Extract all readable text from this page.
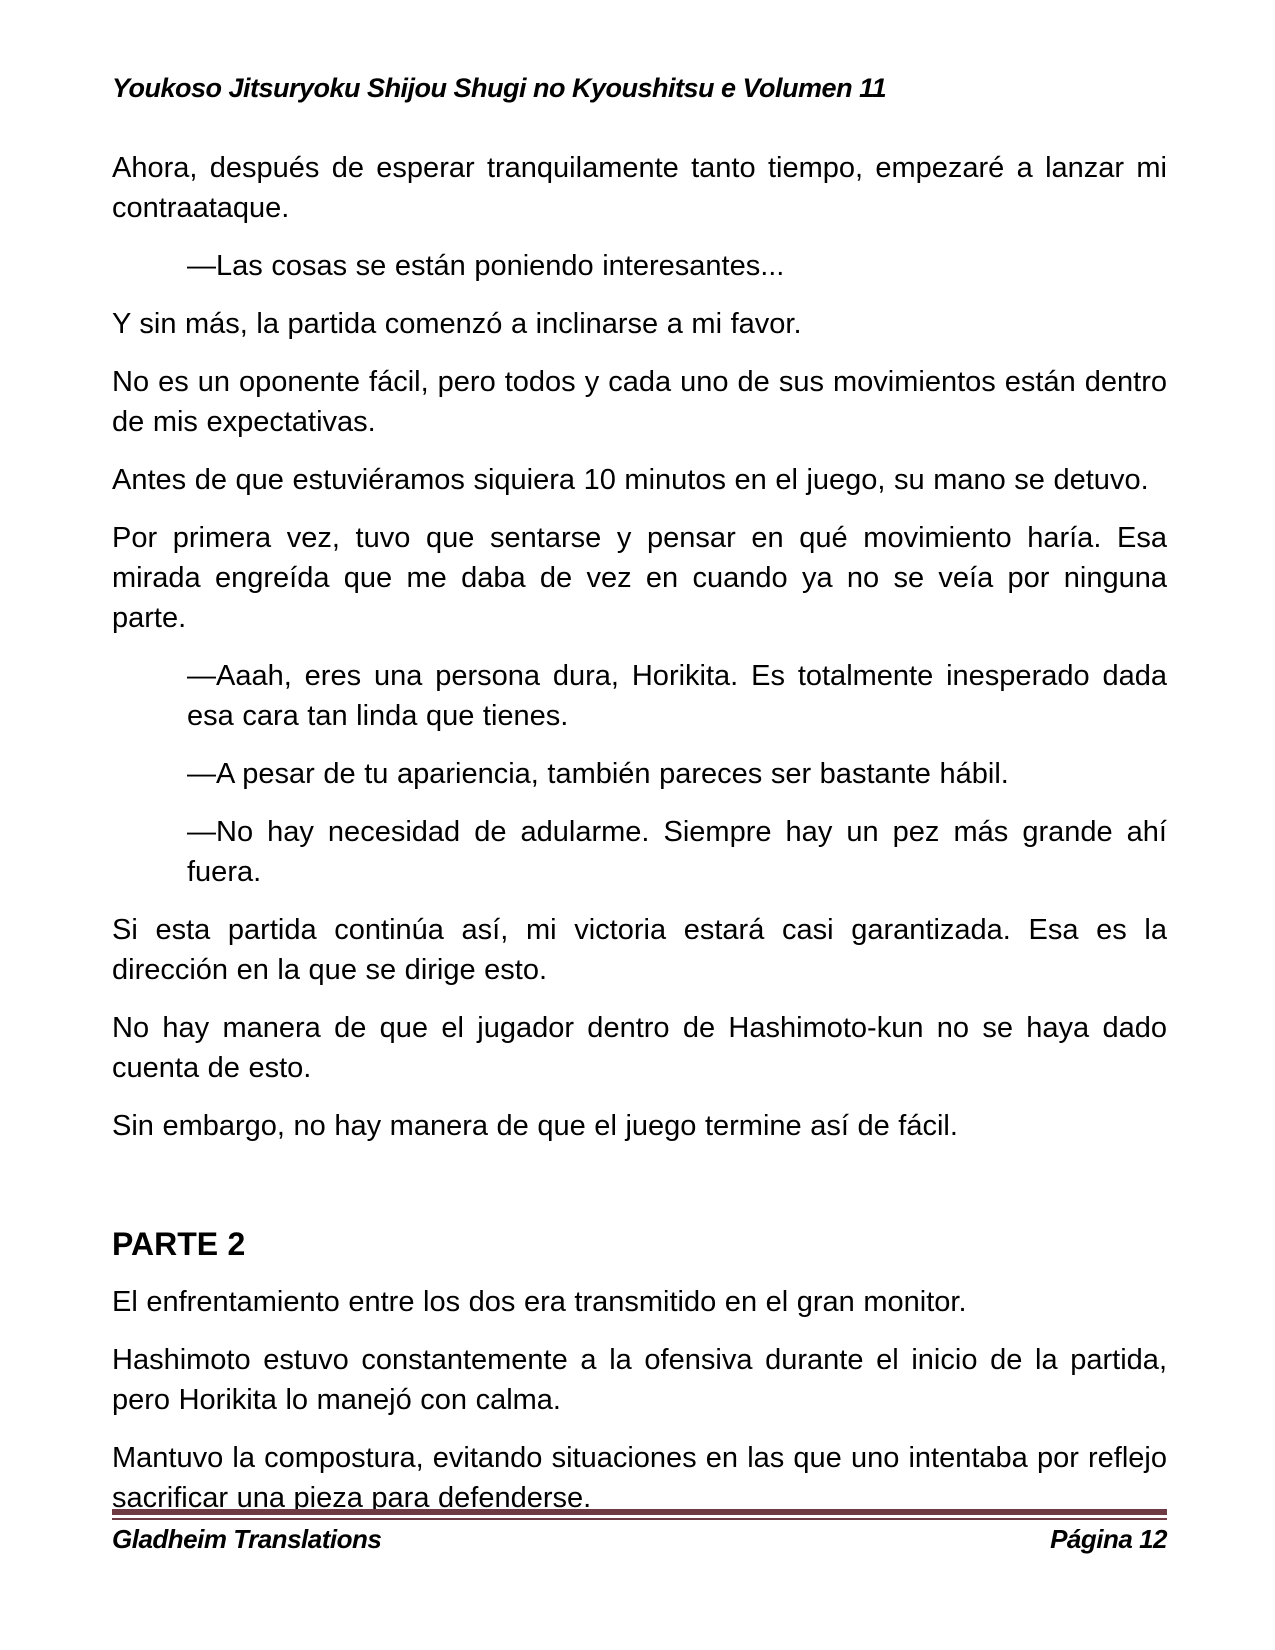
Youkoso Jitsuryoku Shijou Shugi no Kyoushitsu e Volumen 11

Ahora, después de esperar tranquilamente tanto tiempo, empezaré a lanzar mi contraataque.

—Las cosas se están poniendo interesantes...

Y sin más, la partida comenzó a inclinarse a mi favor.

No es un oponente fácil, pero todos y cada uno de sus movimientos están dentro de mis expectativas.

Antes de que estuviéramos siquiera 10 minutos en el juego, su mano se detuvo.

Por primera vez, tuvo que sentarse y pensar en qué movimiento haría. Esa mirada engreída que me daba de vez en cuando ya no se veía por ninguna parte.

—Aaah, eres una persona dura, Horikita. Es totalmente inesperado dada esa cara tan linda que tienes.

—A pesar de tu apariencia, también pareces ser bastante hábil.

—No hay necesidad de adularme. Siempre hay un pez más grande ahí fuera.

Si esta partida continúa así, mi victoria estará casi garantizada. Esa es la dirección en la que se dirige esto.

No hay manera de que el jugador dentro de Hashimoto-kun no se haya dado cuenta de esto.

Sin embargo, no hay manera de que el juego termine así de fácil.

PARTE 2

El enfrentamiento entre los dos era transmitido en el gran monitor.

Hashimoto estuvo constantemente a la ofensiva durante el inicio de la partida, pero Horikita lo manejó con calma.

Mantuvo la compostura, evitando situaciones en las que uno intentaba por reflejo sacrificar una pieza para defenderse.

Gladheim Translations	Página 12
